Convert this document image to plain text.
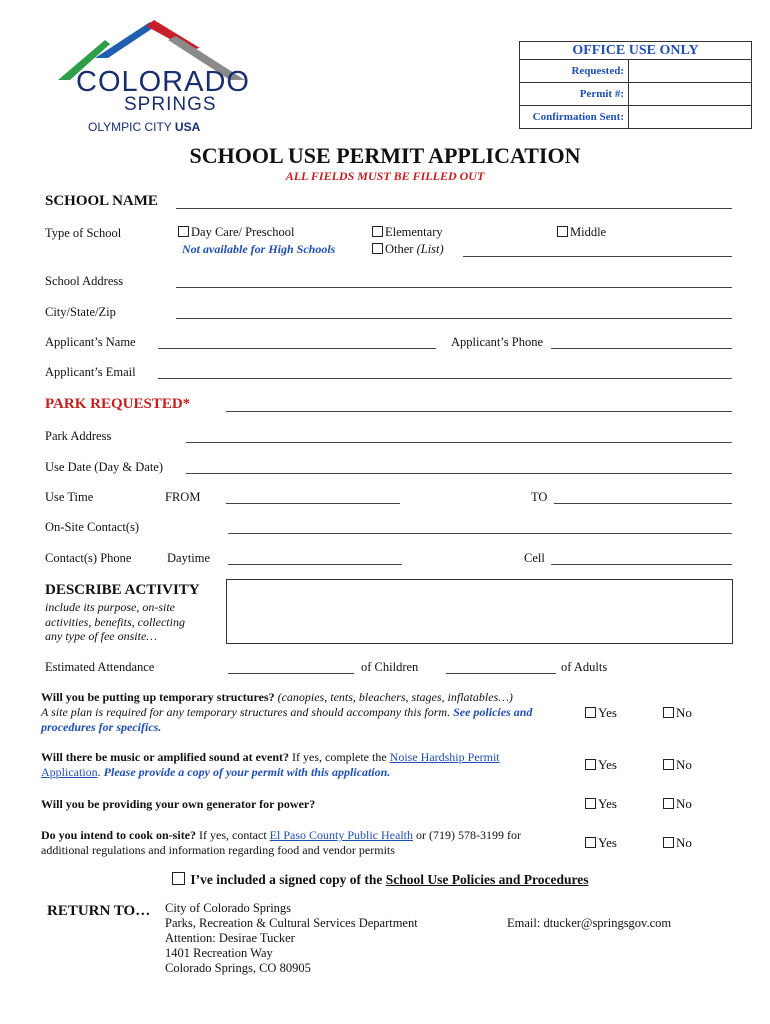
COLORADO
SPRINGS
OLYMPIC CITY USA
OFFICE USE ONLY	
Requested:	
Permit #:	
Confirmation Sent:	
SCHOOL USE PERMIT APPLICATION
ALL FIELDS MUST BE FILLED OUT
SCHOOL NAME
Type of School	Day Care/ Preschool
Not available for High Schools
Elementary
Other (List)
Middle
School Address
City/State/Zip
Applicant’s Name	Applicant’s Phone
Applicant’s Email
PARK REQUESTED*
Park Address
Use Date (Day & Date)
Use Time	FROM	TO
On-Site Contact(s)
Contact(s) Phone	Daytime	Cell
DESCRIBE ACTIVITY
include its purpose, on-site
activities, benefits, collecting
any type of fee onsite…
Estimated Attendance	of Children	of Adults
Will you be putting up temporary structures? (canopies, tents, bleachers, stages, inflatables…)
A site plan is required for any temporary structures and should accompany this form. See policies and
procedures for specifics.
Yes	No
Will there be music or amplified sound at event? If yes, complete the Noise Hardship Permit
Application. Please provide a copy of your permit with this application.	Yes	No
Will you be providing your own generator for power?	Yes	No
Do you intend to cook on-site? If yes, contact El Paso County Public Health or (719) 578-3199 for
additional regulations and information regarding food and vendor permits	Yes	No
I’ve included a signed copy of the School Use Policies and Procedures
RETURN TO… City of Colorado Springs
Parks, Recreation & Cultural Services Department
Attention: Desirae Tucker
1401 Recreation Way
Colorado Springs, CO 80905
Email: dtucker@springsgov.com
